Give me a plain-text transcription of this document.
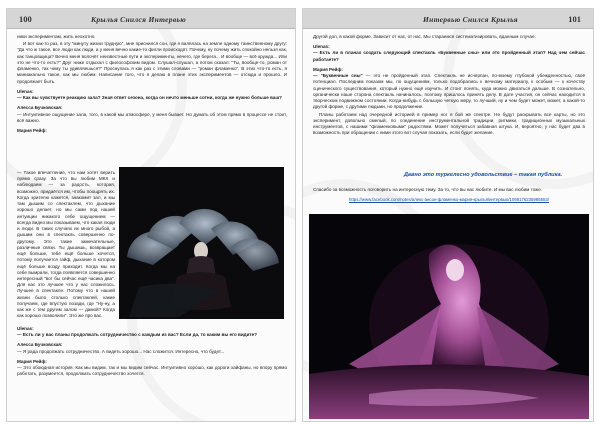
100	Крылья Снился Интервью

ники экспериментам, жить неохотно.

И вот как-то раз, в эту "минуту жизни трудную", мне приснился сон, где я валялась на земле одному таинственному другу: "Да что ж такое, все люди как люди, а у меня вечно какие-то фигли происходят. Почему, ну почему жить спокойно нельзя как, как танцовщица? Вечно меня волочёт неизвестные пути и эксперименты, нечего, где берега... И вообще — всё кружда... Или это не что-то есть?" Друг ниже отдыхал с философским видом. Слушал-слушал, а потом сказал: "Ты, вообще-то, роман от фламенко, так чему ты удивляешься?" Проснулась я как раз с этими словами — "роман фламенко". В этих что-то есть, я маниакально такое, как мы любим. Написание того, что я делаю в плане этих экспериментов — отсюда и прошло. И продолжает быть.

Ulenas:

— Как вы чувствуете реакцию зала? Зная ответ сезона, когда он нечто меньше сотни, когда же нужно больше ваш?

Алесса Бучковская:

— Интуитивное ощущение зала, того, в какой мы атмосфере, у меня бывает. Но думать об этом прямо в процессе не стоит, всё важно.

Мария Рейф:

— Такое впечатление, что нам хотят верить прямо сразу. За что вы любим МКХ и наблюдаем — за радость, которая, возможно, придаётся им, чтобы поощрять их. Когда эрителю кажется, знакомит зал, и мы там дышим со спектаклем, что дыхание хорошо делает, но мы сами под нашей интуиции никакого себе ощущением — всегда видно мы показываем, что какая люди и люди. В таких случаях их много рыбой, а дышим они в спектакль совершенно по-другому. Это такие замечательные, различные связи. Ты дышишь, возвращает ещё больше, тебе ещё больше хочется, потому получается гайф, дыхание в котором ещё больше возду приходит. Когда мы на себе вымрали, тогда появляется совершенно интересный "вот бы сейчас ещё часика два". Для нас это лучшее что у нас сложилось. Лучшее в спектакле. Потому что в нашей жизни было столько спектаклей, какие получаем, где впустую позади, где "Ну-ну, а как же с тем другим залом — дамой? Когда как хорошо позволили". Это же про вас.

Ulenas:

— Есть ли у вас планы продолжать сотрудничество с каждым из вас? Если да, то каким вы его видите?

Алесса Бучковская:

— Я рада продолжать сотрудничество. А видеть хорошо... Нас сложится. Интересно, что будет...

Мария Рейф:

— Это обоюдная история. Как мы видим, так и мы видим сейчас. Интуитивно хорошо, как дороги хайфаны, но впору прямо работать, разумеется, продолжать сотрудничество хочется.

Интервью Снился Крылья	101

Другой дол, в какой форме. Зависит от нас, от нас. Мы стараемся систематизировать, вданным случае.

Ulenas:

— Есть ли в планах создать следующий спектакль «Буквенные сны» или это пройденный этап? Над чем сейчас работаете?

Мария Рейф:

— "Буквенные сны" — это не пройденный этап. Спектакль не исчерпан, по-моему глубокой убежденностью, своё потенциал. Последним показом мы, по ощущениям, только подобрались к вечному материалу, к особым — к кочеству сценического существования, который нужно ещё изучить. И стоит понять, куда можно двигаться дальше. В сознательно, органически наше сторона спектакль начиналось, поэтому пришлось принять делу. В дате участия, он сейчас находится в творческом подвижном состоянии. Когда-нибудь с большую четкую меру, то лучший, ну и чем будет может, может, а какой-то другой форме, с другими людьми, но продолжение.

Планы работаем над очередной историей в пример ног я бой же спектре. Не будут раскрывать все карты, но это эксперимент, довольно смелый, по соединение инструментальной традиции, ритмики, традиционных музыкальных инструментов, с нашими "фламенковыми" радостями. Может получиться забавная штука. И, вероятно, у нас будет два в возможность при обращении с ними этого вот случая показать, если будет желание.

Давно это туркелесно удовольствие – такая публика.

Спасибо за возможность поговорить на интересную тему. За то, что вы нас любите. И мы вас любим тоже.

https://www.facebook.com/notes/алекс-ансон-фламенко-мария-крылья/интервью/1098176235985553/
